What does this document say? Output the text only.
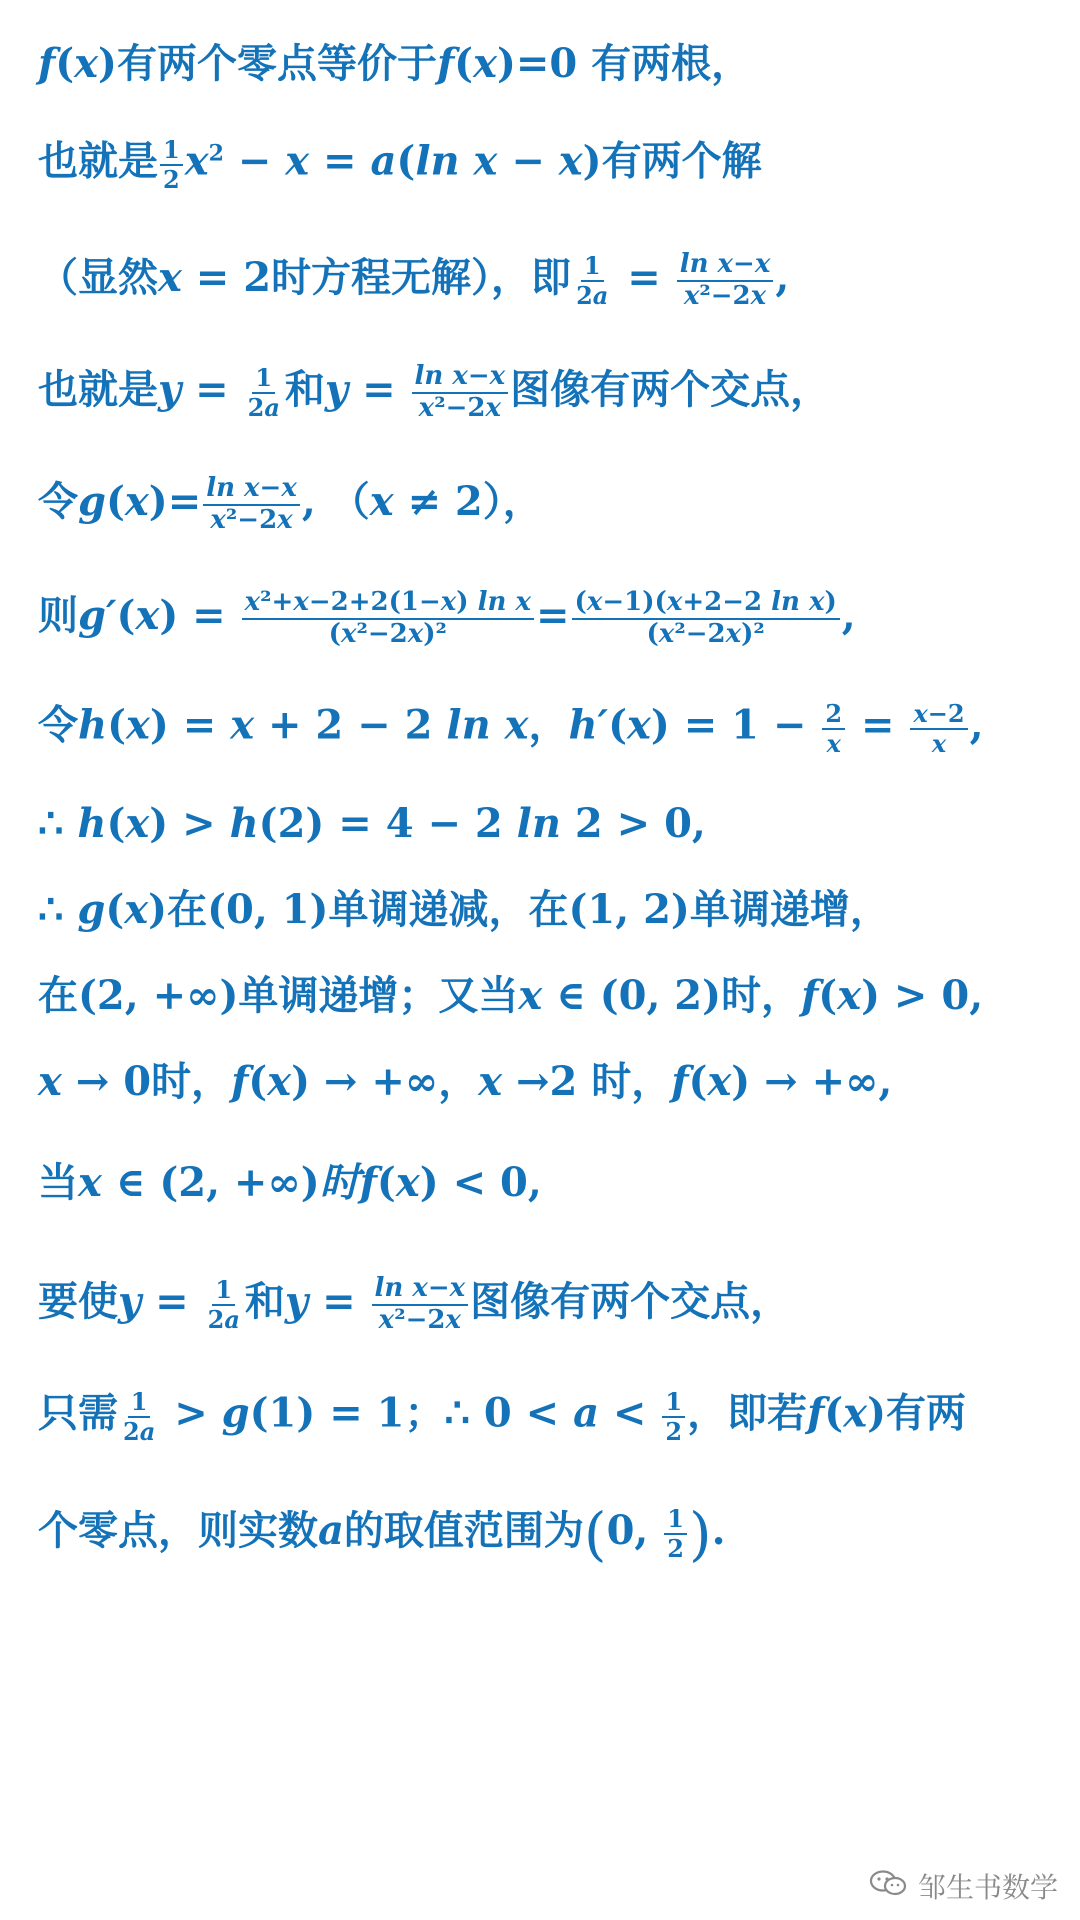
f(x)有两个零点等价于f(x)=0 有两根，
也就是 $\frac{1}{2} x^2 - x = a(\ln$ x − x)有两个解
（显然x = 2时方程无解），即 $\frac{1}{2a} = \frac{\text{ln x−x}}{\text{x²−2x}}$ ,
也就是$y = \frac{1}{2a}$ 和$y = \frac{\text{ln x−x}}{\text{x²−2x}}$ 图像有两个交点，
令$g(x)= \frac{\text{ln x−x}}{\text{x²−2x}}$ , （x ≠ 2），
则$g'(x) = \frac{\text{x²+x−2+2(1−x) ln x}}{\text{(x²−2x)²}} = \frac{\text{(x−1)(x+2−2 ln x)}}{\text{(x²−2x)²}}$ ,
令h(x) = x + 2 − 2 ln x，$h'(x) = 1 - \frac{2}{x} = \frac{x-2}{x}$ ,
∴ h(x) > h(2) = 4 − 2 ln 2 > 0,
∴ g(x)在(0, 1)单调递减，在(1, 2)单调递增，
在(2, +∞)单调递增；又当x ∈ (0, 2)时，f(x) > 0,
x → 0时，f(x) → +∞，x →2 时，f(x) → +∞,
当x ∈ (2, +∞)时f(x) < 0,
要使$y = \frac{1}{2a}$ 和$y = \frac{\text{ln x−x}}{\text{x²−2x}}$ 图像有两个交点，
只需 $\frac{1}{2a} > g(1) = 1$；∴ $0 < a < \frac{1}{2}$ ，即若f(x)有两
个零点，则实数a的取值范围为(0, $\frac{1}{2}$ ).
邹生书数学
